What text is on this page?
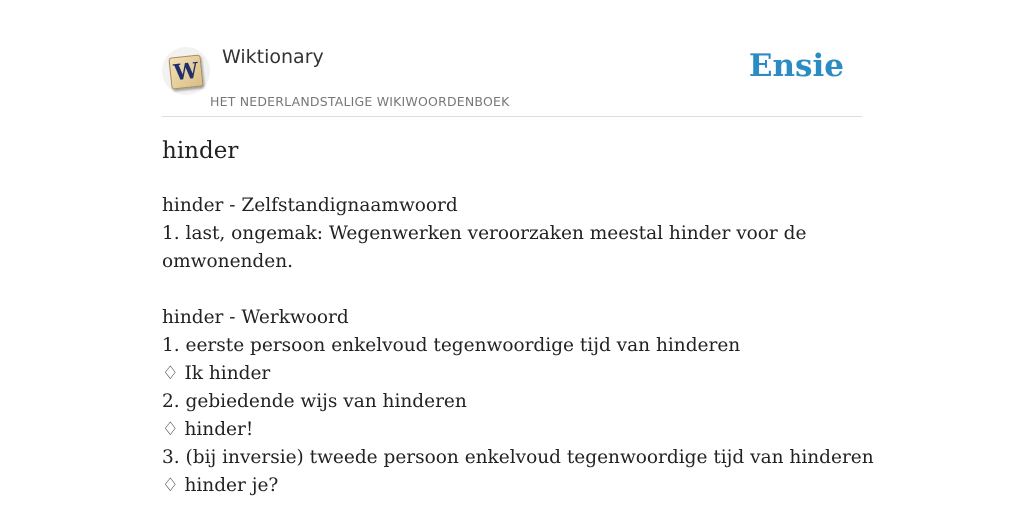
W
Wiktionary
HET NEDERLANDSTALIGE WIKIWOORDENBOEK
Ensie
hinder
hinder - Zelfstandignaamwoord
1. last, ongemak: Wegenwerken veroorzaken meestal hinder voor de omwonenden.
hinder - Werkwoord
1. eerste persoon enkelvoud tegenwoordige tijd van hinderen
♢ Ik hinder
2. gebiedende wijs van hinderen
♢ hinder!
3. (bij inversie) tweede persoon enkelvoud tegenwoordige tijd van hinderen
♢ hinder je?
